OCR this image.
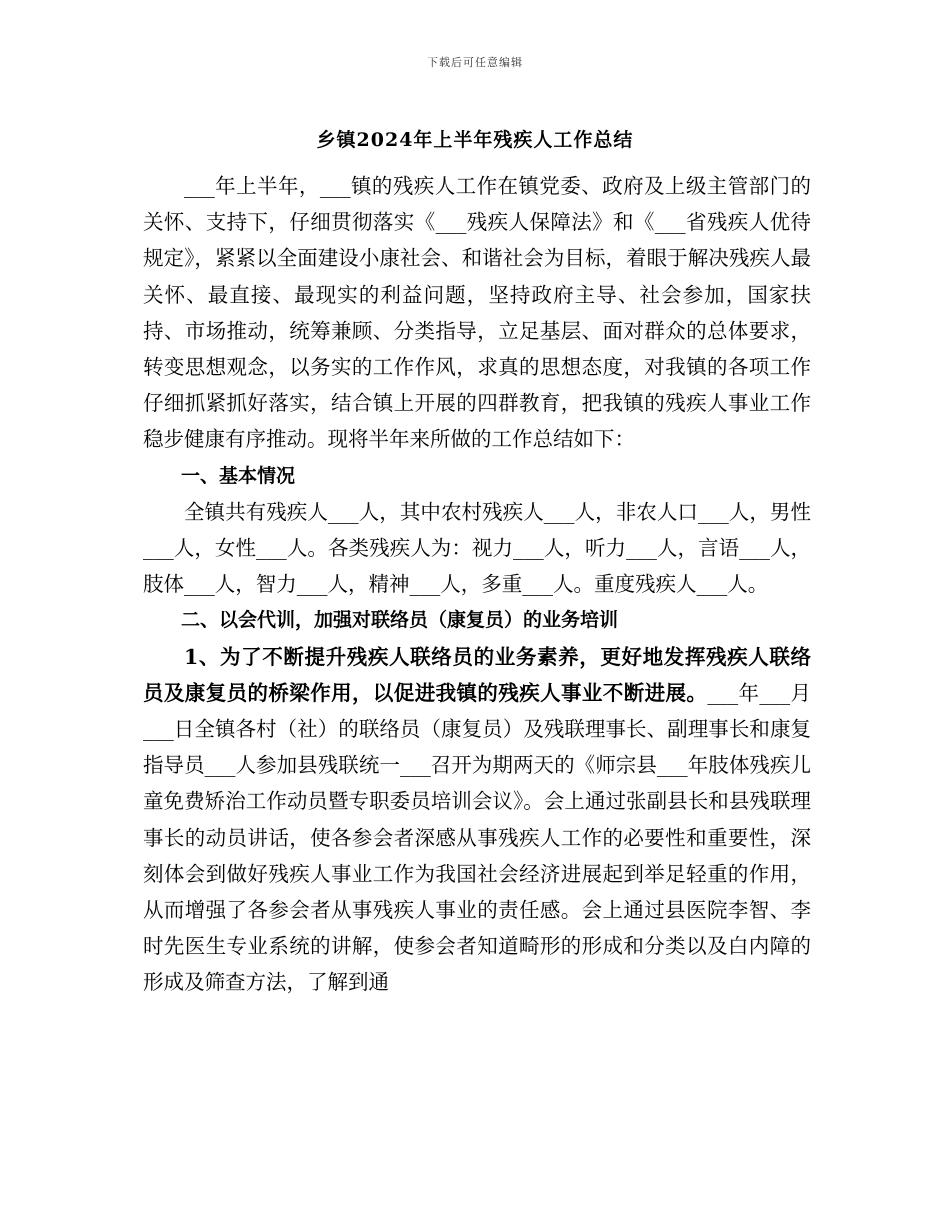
下载后可任意编辑
乡镇2024年上半年残疾人工作总结

___年上半年，___镇的残疾人工作在镇党委、政府及上级主管部门的关怀、支持下，仔细贯彻落实《___残疾人保障法》和《___省残疾人优待规定》，紧紧以全面建设小康社会、和谐社会为目标，着眼于解决残疾人最关怀、最直接、最现实的利益问题，坚持政府主导、社会参加，国家扶持、市场推动，统筹兼顾、分类指导，立足基层、面对群众的总体要求，转变思想观念，以务实的工作作风，求真的思想态度，对我镇的各项工作仔细抓紧抓好落实，结合镇上开展的四群教育，把我镇的残疾人事业工作稳步健康有序推动。现将半年来所做的工作总结如下：

一、基本情况

全镇共有残疾人___人，其中农村残疾人___人，非农人口___人，男性___人，女性___人。各类残疾人为：视力___人，听力___人，言语___人，肢体___人，智力___人，精神___人，多重___人。重度残疾人___人。

二、以会代训，加强对联络员（康复员）的业务培训

1、为了不断提升残疾人联络员的业务素养，更好地发挥残疾人联络员及康复员的桥梁作用，以促进我镇的残疾人事业不断进展。___年___月___日全镇各村（社）的联络员（康复员）及残联理事长、副理事长和康复指导员___人参加县残联统一___召开为期两天的《师宗县___年肢体残疾儿童免费矫治工作动员暨专职委员培训会议》。会上通过张副县长和县残联理事长的动员讲话，使各参会者深感从事残疾人工作的必要性和重要性，深刻体会到做好残疾人事业工作为我国社会经济进展起到举足轻重的作用，从而增强了各参会者从事残疾人事业的责任感。会上通过县医院李智、李时先医生专业系统的讲解，使参会者知道畸形的形成和分类以及白内障的形成及筛查方法，了解到通
